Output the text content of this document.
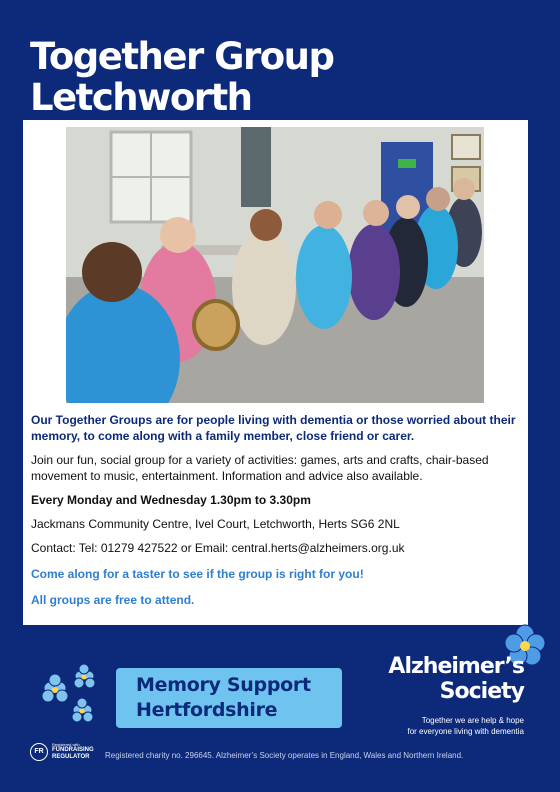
Together Group
Letchworth

Our Together Groups are for people living with dementia or those worried about their memory, to come along with a family member, close friend or carer.

Join our fun, social group for a variety of activities: games, arts and crafts, chair-based movement to music, entertainment. Information and advice also available.

Every Monday and Wednesday 1.30pm to 3.30pm

Jackmans Community Centre, Ivel Court, Letchworth, Herts SG6 2NL

Contact: Tel: 01279 427522 or Email: central.herts@alzheimers.org.uk

Come along for a taster to see if the group is right for you!

All groups are free to attend.

Memory Support
Hertfordshire
Alzheimer’s
Society
Together we are help & hope
for everyone living with dementia
FR
Registered with
FUNDRAISING
REGULATOR	Registered charity no. 296645. Alzheimer’s Society operates in England, Wales and Northern Ireland.
